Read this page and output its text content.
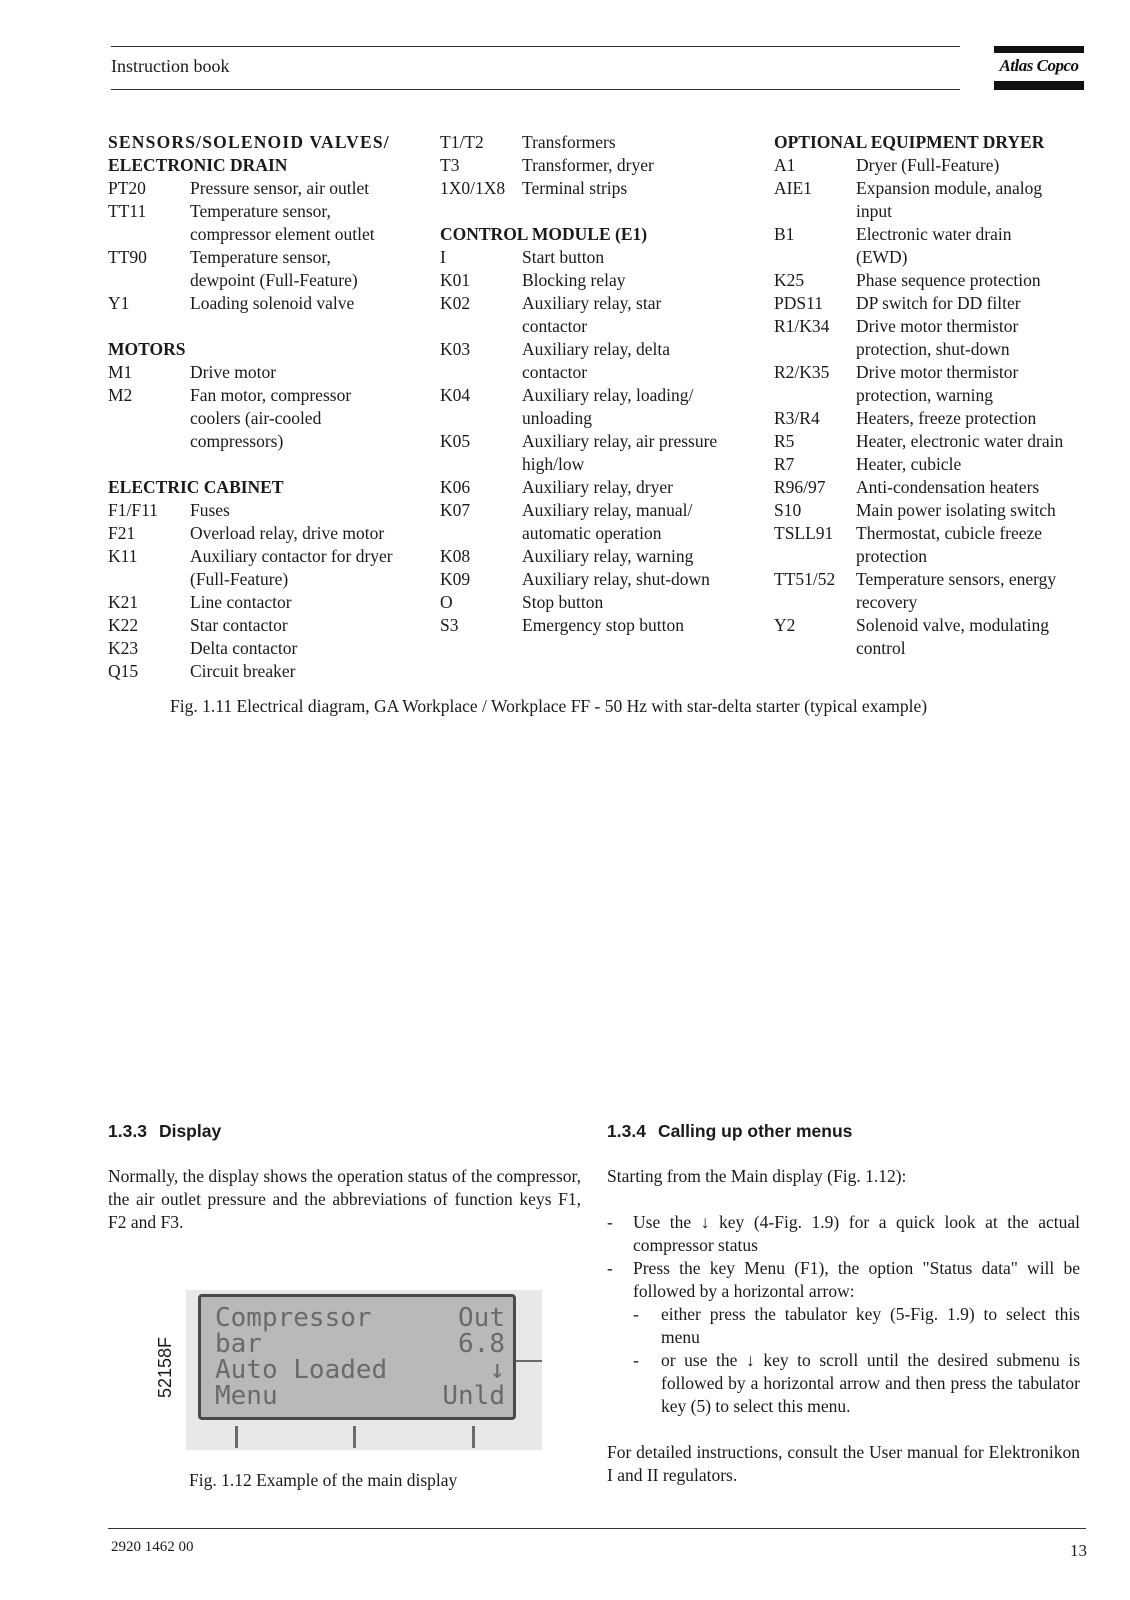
Instruction book	Atlas Copco
SENSORS/SOLENOID VALVES/
ELECTRONIC DRAIN
PT20	Pressure sensor, air outlet
TT11	Temperature sensor,
compressor element outlet
TT90	Temperature sensor,
dewpoint (Full-Feature)
Y1	Loading solenoid valve
MOTORS
M1	Drive motor
M2	Fan motor, compressor
coolers (air-cooled
compressors)
ELECTRIC CABINET
F1/F11	Fuses
F21	Overload relay, drive motor
K11	Auxiliary contactor for dryer
(Full-Feature)
K21	Line contactor
K22	Star contactor
K23	Delta contactor
Q15	Circuit breaker
T1/T2	Transformers
T3	Transformer, dryer
1X0/1X8 Terminal strips
CONTROL MODULE (E1)
I	Start button
K01	Blocking relay
K02	Auxiliary relay, star
contactor
K03	Auxiliary relay, delta
contactor
K04	Auxiliary relay, loading/
unloading
K05	Auxiliary relay, air pressure
high/low
K06	Auxiliary relay, dryer
K07	Auxiliary relay, manual/
automatic operation
K08	Auxiliary relay, warning
K09	Auxiliary relay, shut-down
O	Stop button
S3	Emergency stop button
OPTIONAL EQUIPMENT DRYER
A1	Dryer (Full-Feature)
AIE1	Expansion module, analog
input
B1	Electronic water drain
(EWD)
K25	Phase sequence protection
PDS11	DP switch for DD filter
R1/K34	Drive motor thermistor
protection, shut-down
R2/K35	Drive motor thermistor
protection, warning
R3/R4	Heaters, freeze protection
R5	Heater, electronic water drain
R7	Heater, cubicle
R96/97	Anti-condensation heaters
S10	Main power isolating switch
TSLL91	Thermostat, cubicle freeze
protection
TT51/52	Temperature sensors, energy
recovery
Y2	Solenoid valve, modulating
control
Fig. 1.11 Electrical diagram, GA Workplace / Workplace FF - 50 Hz with star-delta starter (typical example)
1.3.3 Display
Normally, the display shows the operation status of the compressor, the air outlet pressure and the abbreviations of function keys F1, F2 and F3.
Compressor	Out
bar	6.8
Auto Loaded	↓
Menu	Unld
52158F
Fig. 1.12 Example of the main display
1.3.4 Calling up other menus
Starting from the Main display (Fig. 1.12):
-	Use the ↓ key (4-Fig. 1.9) for a quick look at the actual compressor status
-	Press the key Menu (F1), the option "Status data" will be followed by a horizontal arrow:
-	either press the tabulator key (5-Fig. 1.9) to select this menu
-	or use the ↓ key to scroll until the desired submenu is followed by a horizontal arrow and then press the tabulator key (5) to select this menu.
For detailed instructions, consult the User manual for Elektronikon I and II regulators.
2920 1462 00	13
